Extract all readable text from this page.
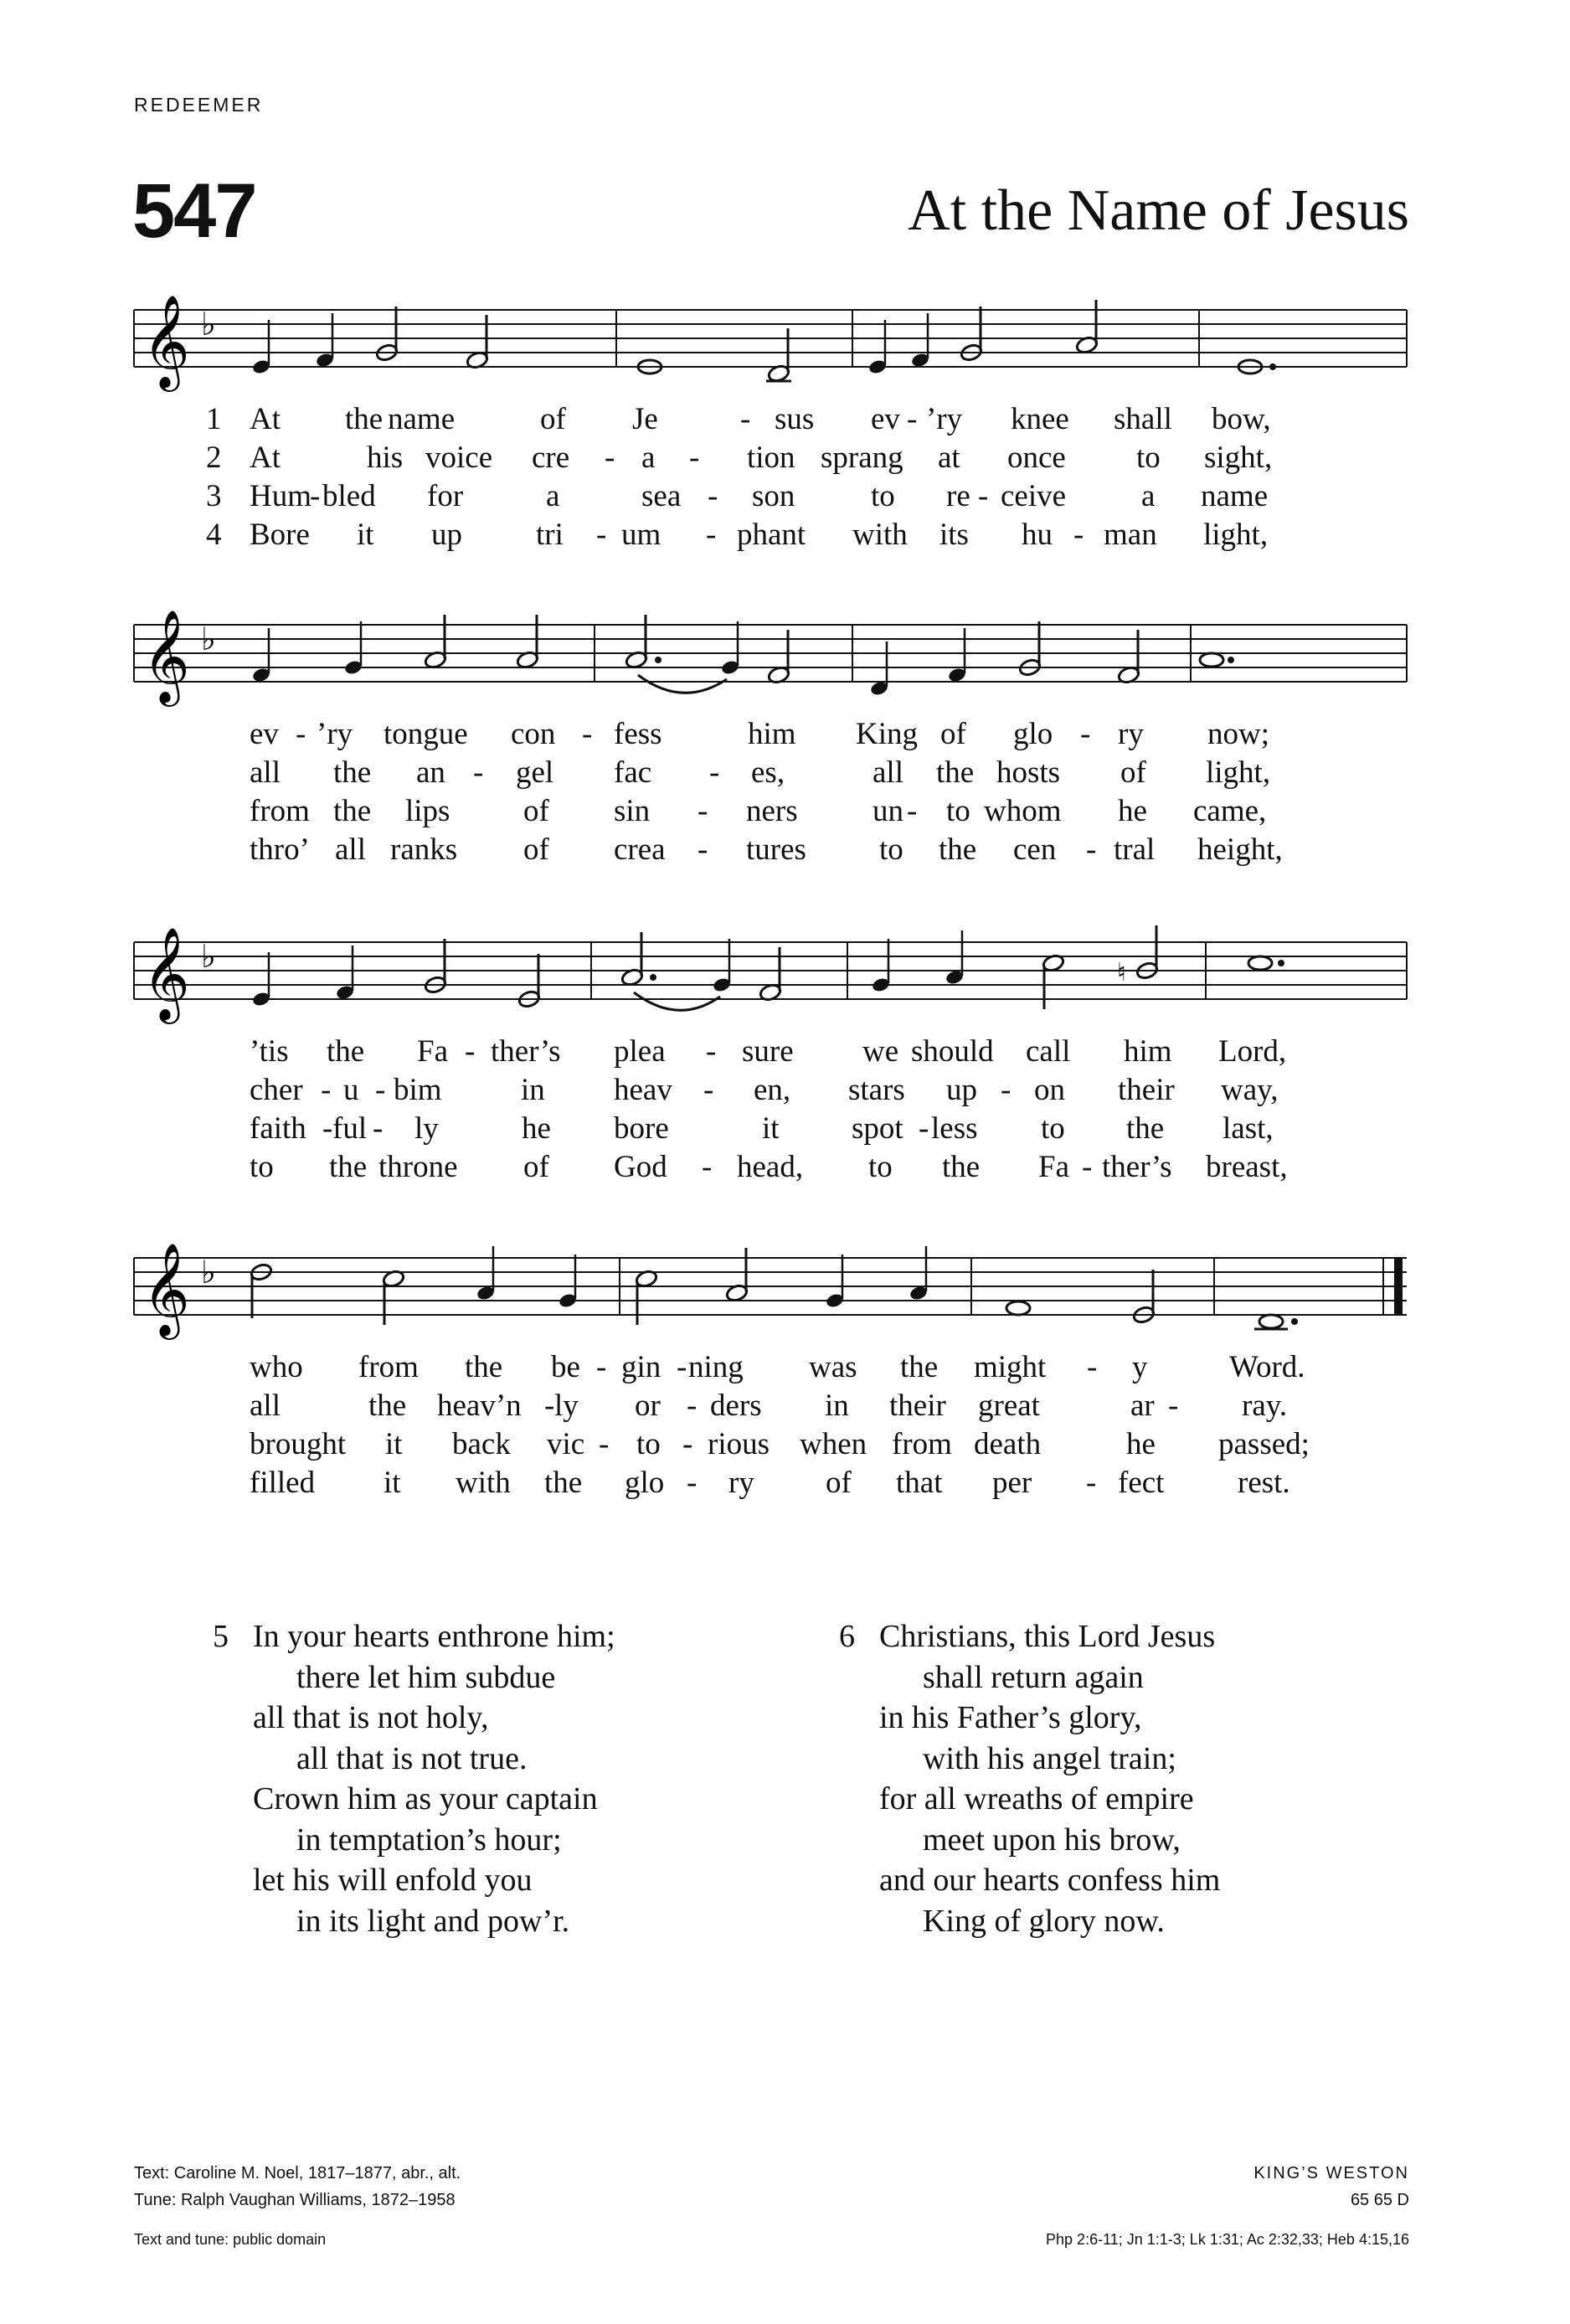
REDEEMER
547	At the Name of Jesus
𝄞 ♭
1 At the name	of Je	- sus ev - ’ry knee shall bow,
2 At	his voice cre - a - tion sprang at once to sight,
3 Hum
- bled for	a	sea - son to re - ceive a name
4 Bore it up tri - um - phant with its hu - man light,
𝄞 ♭
ev - ’ry tongue con - fess	him King of glo - ry now;
all the an - gel fac - es,	all the hosts of light,
from the lips of sin - ners un - to whom he came,
thro’ all ranks of crea - tures to the cen - tral height,
𝄞 ♭	♮
’tis the Fa - ther’s plea - sure we should call him Lord,
cher - u - bim	in heav - en, stars up - on their way,
faith - ful - ly	he bore	it spot - less to the last,
to the throne of God - head, to the Fa - ther’s breast,
𝄞 ♭
who from the be - gin - ning was the might - y	Word.
all	the heav’n - ly or - ders in their great	ar - ray.
brought it back vic - to - rious when from death	he passed;
filled it with the glo - ry of that per - fect rest.
5 In your hearts enthrone him;
there let him subdue
all that is not holy,
all that is not true.
Crown him as your captain
in temptation’s hour;
let his will enfold you
in its light and pow’r.
6 Christians, this Lord Jesus
shall return again
in his Father’s glory,
with his angel train;
for all wreaths of empire
meet upon his brow,
and our hearts confess him
King of glory now.
Text: Caroline M. Noel, 1817–1877, abr., alt.
Tune: Ralph Vaughan Williams, 1872–1958
Text and tune: public domain
KING’S WESTON
65 65 D
Php 2:6-11; Jn 1:1-3; Lk 1:31; Ac 2:32,33; Heb 4:15,16
